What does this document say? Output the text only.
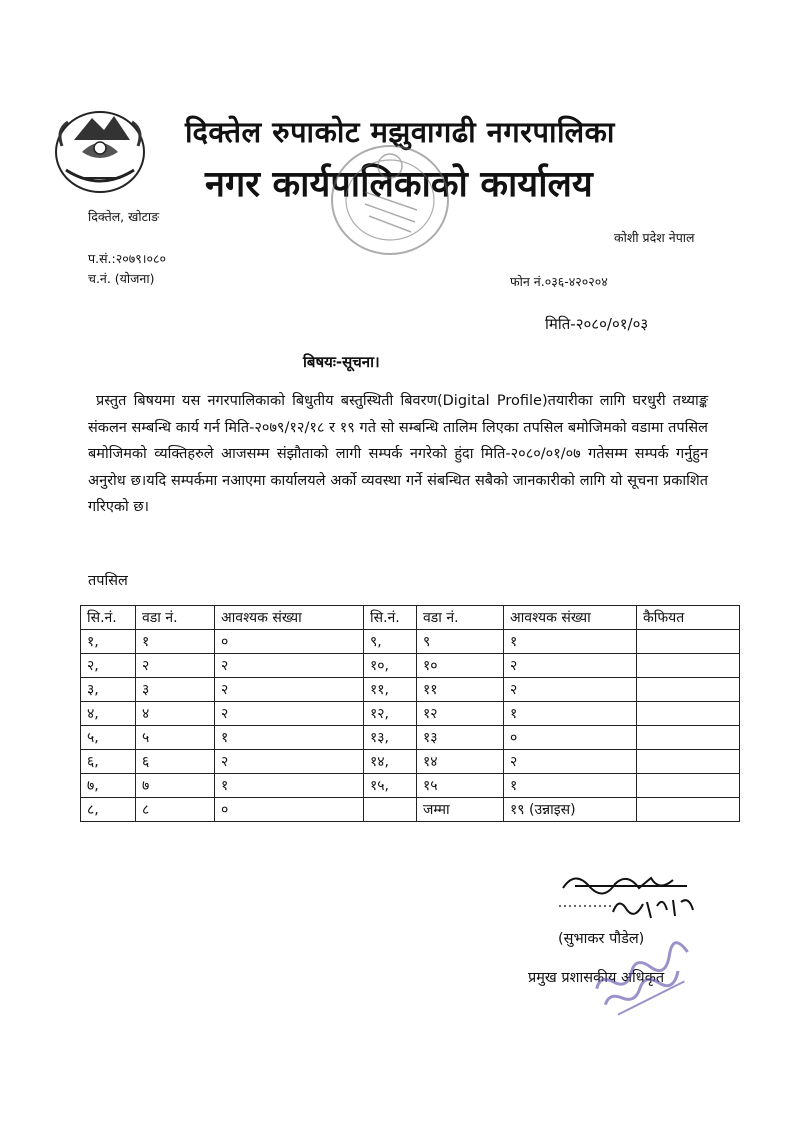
दिक्तेल रुपाकोट मझुवागढी नगरपालिका
नगर कार्यपालिकाको कार्यालय
दिक्तेल, खोटाङ
कोशी प्रदेश नेपाल
प.सं.:२०७९।०८०
च.नं. (योजना)	फोन नं.०३६-४२०२०४
मिति-२०८०/०१/०३
बिषयः-सूचना।
प्रस्तुत बिषयमा यस नगरपालिकाको बिधुतीय बस्तुस्थिती बिवरण(Digital Profile)तयारीका लागि घरधुरी तथ्याङ्क संकलन सम्बन्धि कार्य गर्न मिति-२०७९/१२/१८ र १९ गते सो सम्बन्धि तालिम लिएका तपसिल बमोजिमको वडामा तपसिल बमोजिमको व्यक्तिहरुले आजसम्म संझौताको लागी सम्पर्क नगरेको हुंदा मिति-२०८०/०१/०७ गतेसम्म सम्पर्क गर्नुहुन अनुरोध छ।यदि सम्पर्कमा नआएमा कार्यालयले अर्को व्यवस्था गर्ने संबन्धित सबैको जानकारीको लागि यो सूचना प्रकाशित गरिएको छ।
तपसिल
सि.नं.	वडा नं.	आवश्यक संख्या	सि.नं.	वडा नं.	आवश्यक संख्या	कैफियत
१,	१	०	९,	९	१	
२,	२	२	१०,	१०	२	
३,	३	२	११,	११	२	
४,	४	२	१२,	१२	१	
५,	५	१	१३,	१३	०	
६,	६	२	१४,	१४	२	
७,	७	१	१५,	१५	१	
८,	८	०		जम्मा	१९ (उन्नाइस)	
(सुभाकर पौडेल)
प्रमुख प्रशासकीय अधिकृत
